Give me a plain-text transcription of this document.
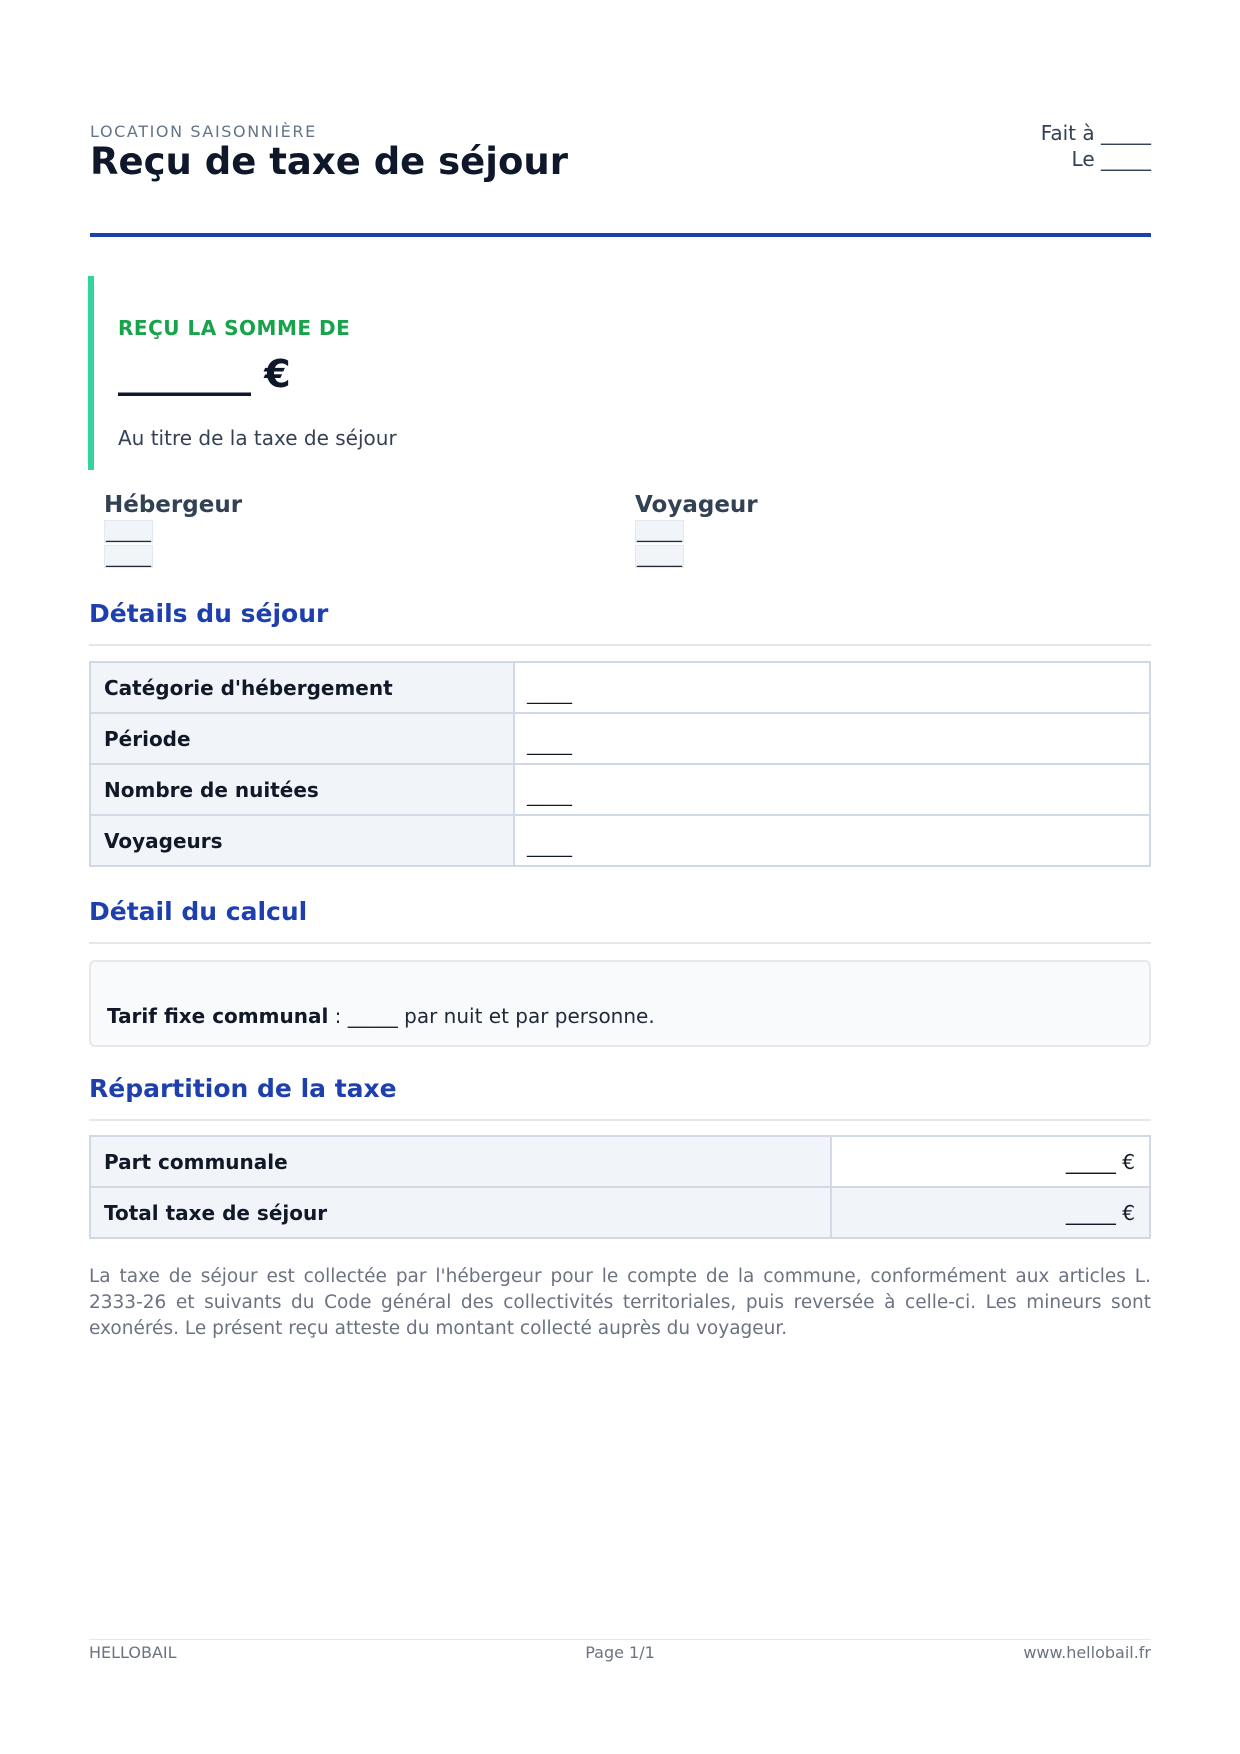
LOCATION SAISONNIÈRE
Reçu de taxe de séjour
Fait à _____
Le _____
REÇU LA SOMME DE
_______ €
Au titre de la taxe de séjour
Hébergeur
_____
_____
Voyageur
_____
_____
Détails du séjour
Catégorie d'hébergement	_____
Période	_____
Nombre de nuitées	_____
Voyageurs	_____
Détail du calcul
Tarif fixe communal : _____ par nuit et par personne.
Répartition de la taxe
Part communale	_____ €
Total taxe de séjour	_____ €
La taxe de séjour est collectée par l'hébergeur pour le compte de la commune, conformément aux articles L. 2333-26 et suivants du Code général des collectivités territoriales, puis reversée à celle-ci. Les mineurs sont exonérés. Le présent reçu atteste du montant collecté auprès du voyageur.
HELLOBAIL	Page 1/1	www.hellobail.fr
